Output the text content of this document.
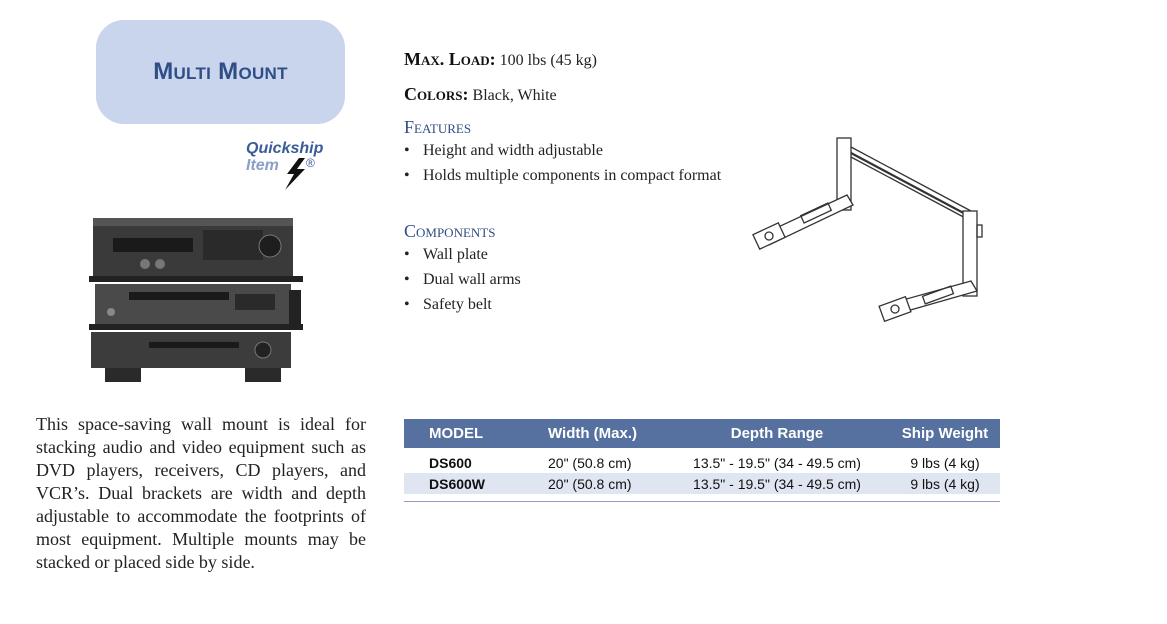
Multi Mount
Quickship
Item	®
This space-saving wall mount is ideal for stacking audio and video equipment such as DVD players, receivers, CD players, and VCR’s. Dual brackets are width and depth adjustable to accommodate the footprints of most equipment. Multiple mounts may be stacked or placed side by side.
Max. Load: 100 lbs (45 kg)
Colors: Black, White
Features
• Height and width adjustable
• Holds multiple components in compact format
Components
• Wall plate
• Dual wall arms
• Safety belt
MODEL	Width (Max.)	Depth Range	Ship Weight
DS600	20" (50.8 cm)	13.5" - 19.5" (34 - 49.5 cm)	9 lbs (4 kg)
DS600W	20" (50.8 cm)	13.5" - 19.5" (34 - 49.5 cm)	9 lbs (4 kg)
